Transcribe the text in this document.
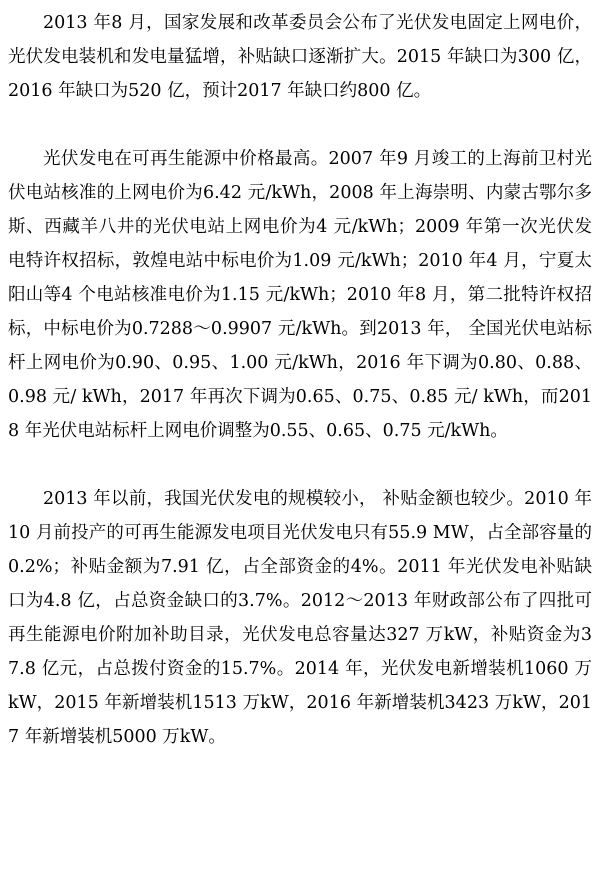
2013 年8 月，国家发展和改革委员会公布了光伏发电固定上网电价，光伏发电装机和发电量猛增，补贴缺口逐渐扩大。2015 年缺口为300 亿，2016 年缺口为520 亿，预计2017 年缺口约800 亿。

光伏发电在可再生能源中价格最高。2007 年9 月竣工的上海前卫村光伏电站核准的上网电价为6.42 元/kWh，2008 年上海崇明、内蒙古鄂尔多斯、西藏羊八井的光伏电站上网电价为4 元/kWh；2009 年第一次光伏发电特许权招标，敦煌电站中标电价为1.09 元/kWh；2010 年4 月，宁夏太阳山等4 个电站核准电价为1.15 元/kWh；2010 年8 月，第二批特许权招标，中标电价为0.7288～0.9907 元/kWh。到2013 年， 全国光伏电站标杆上网电价为0.90、0.95、1.00 元/kWh，2016 年下调为0.80、0.88、0.98 元/ kWh，2017 年再次下调为0.65、0.75、0.85 元/ kWh，而2018 年光伏电站标杆上网电价调整为0.55、0.65、0.75 元/kWh。

2013 年以前，我国光伏发电的规模较小， 补贴金额也较少。2010 年10 月前投产的可再生能源发电项目光伏发电只有55.9 MW，占全部容量的0.2%；补贴金额为7.91 亿，占全部资金的4%。2011 年光伏发电补贴缺口为4.8 亿，占总资金缺口的3.7%。2012～2013 年财政部公布了四批可再生能源电价附加补助目录，光伏发电总容量达327 万kW，补贴资金为37.8 亿元，占总拨付资金的15.7%。2014 年，光伏发电新增装机1060 万kW，2015 年新增装机1513 万kW，2016 年新增装机3423 万kW，2017 年新增装机5000 万kW。
